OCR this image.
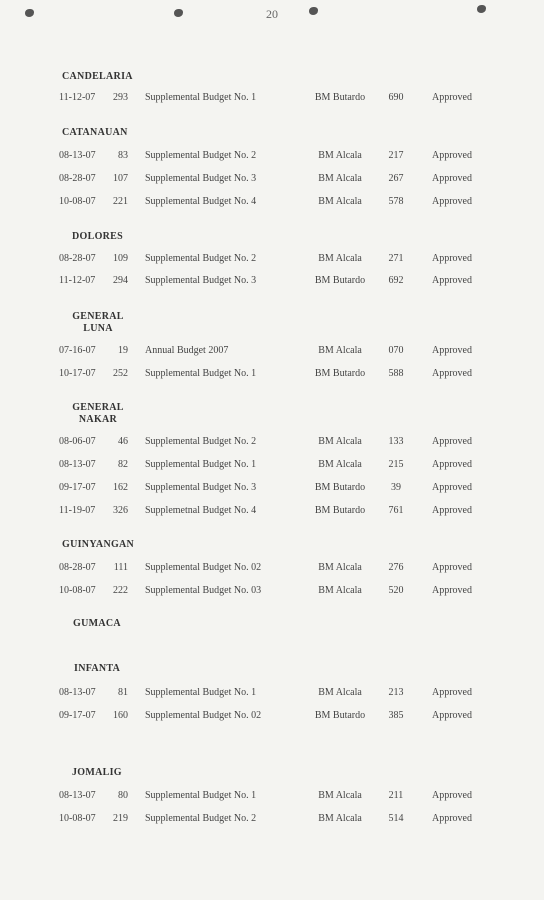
20
CANDELARIA
11-12-07	293 Supplemental Budget No. 1	BM Butardo	690	Approved
CATANAUAN
08-13-07	83 Supplemental Budget No. 2	BM Alcala	217	Approved
08-28-07	107 Supplemental Budget No. 3	BM Alcala	267	Approved
10-08-07	221 Supplemental Budget No. 4	BM Alcala	578	Approved
DOLORES
08-28-07	109 Supplemental Budget No. 2	BM Alcala	271	Approved
11-12-07	294 Supplemental Budget No. 3	BM Butardo	692	Approved
GENERAL
LUNA
07-16-07	19 Annual Budget 2007	BM Alcala	070	Approved
10-17-07	252 Supplemental Budget No. 1	BM Butardo	588	Approved
GENERAL
NAKAR
08-06-07	46 Supplemental Budget No. 2	BM Alcala	133	Approved
08-13-07	82 Supplemental Budget No. 1	BM Alcala	215	Approved
09-17-07	162 Supplemental Budget No. 3	BM Butardo	39	Approved
11-19-07	326 Supplemetnal Budget No. 4	BM Butardo	761	Approved
GUINYANGAN
08-28-07	111 Supplemental Budget No. 02	BM Alcala	276	Approved
10-08-07	222 Supplemental Budget No. 03	BM Alcala	520	Approved
GUMACA
INFANTA
08-13-07	81 Supplemental Budget No. 1	BM Alcala	213	Approved
09-17-07	160 Supplemental Budget No. 02	BM Butardo	385	Approved
JOMALIG
08-13-07	80 Supplemental Budget No. 1	BM Alcala	211	Approved
10-08-07	219 Supplemental Budget No. 2	BM Alcala	514	Approved
